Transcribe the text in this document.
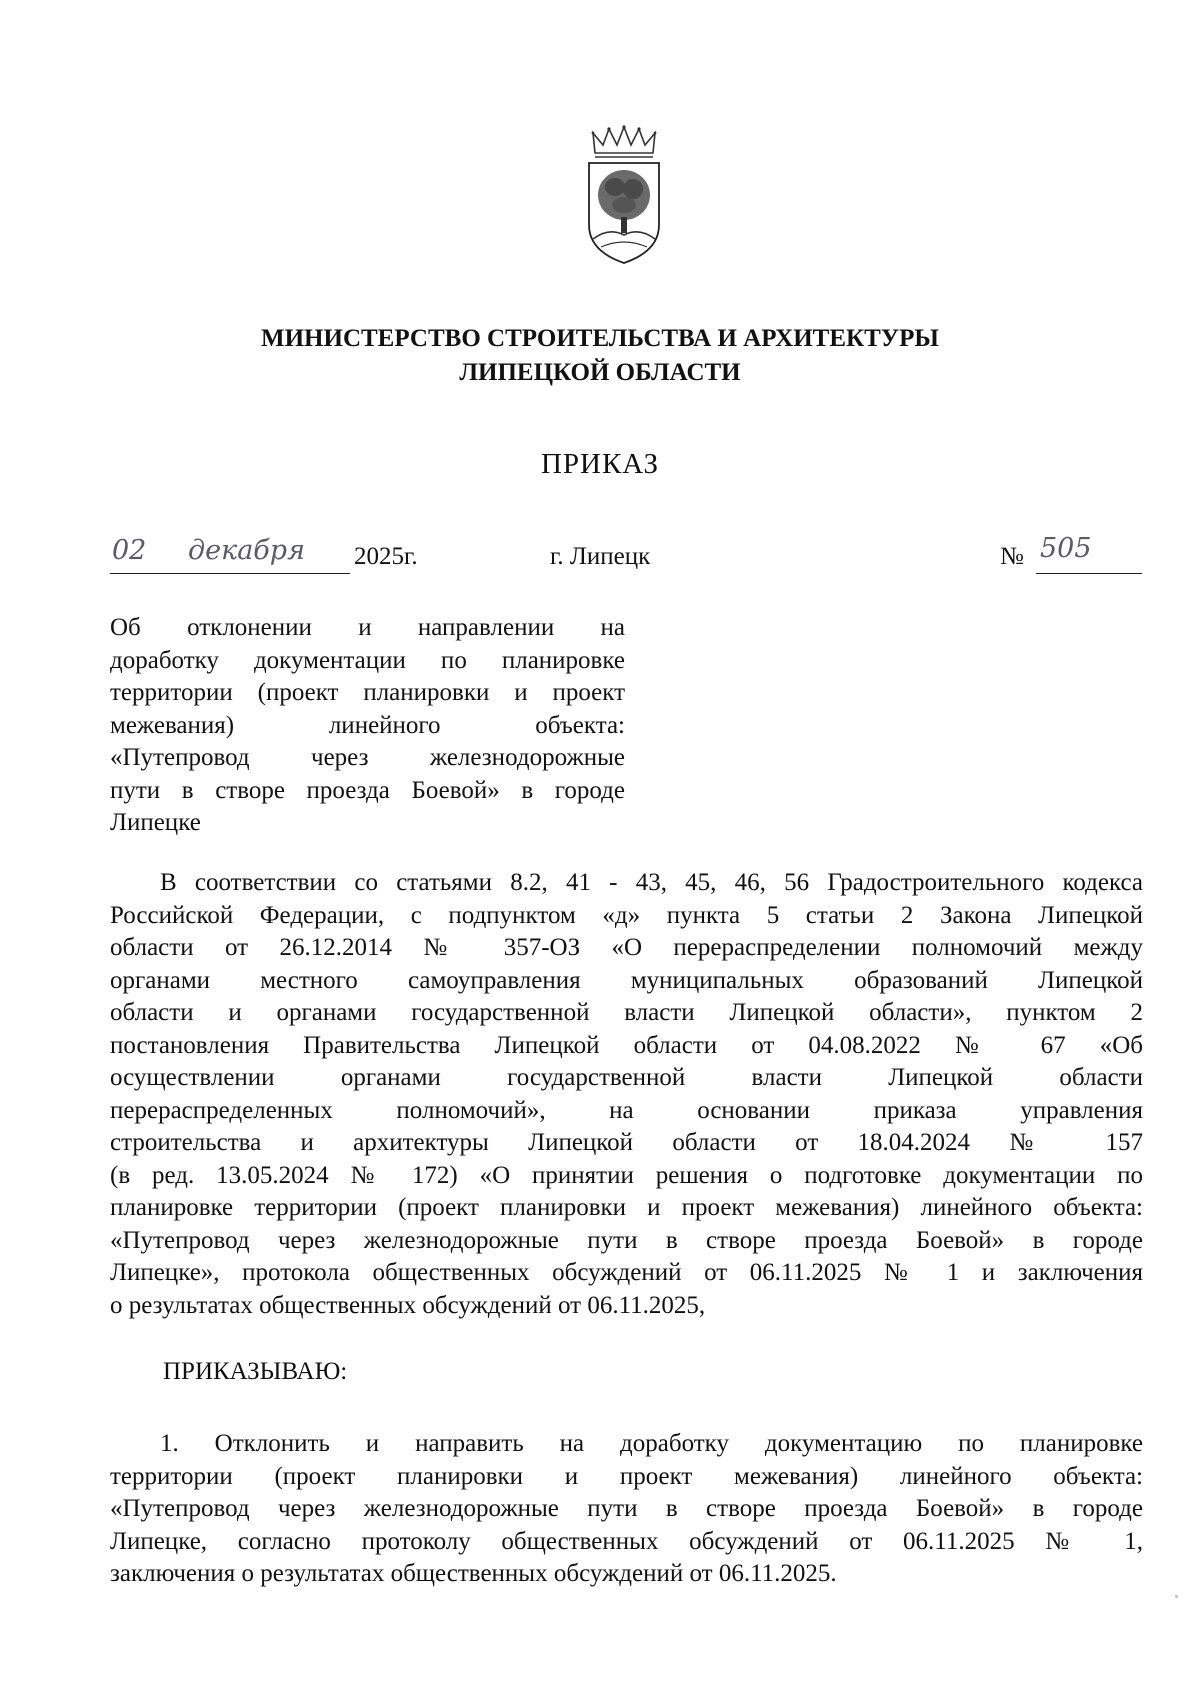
МИНИСТЕРСТВО СТРОИТЕЛЬСТВА И АРХИТЕКТУРЫ
ЛИПЕЦКОЙ ОБЛАСТИ
ПРИКАЗ
02 декабря 2025г.	г. Липецк	№ 505
Об отклонении и направлении на
доработку документации по планировке
территории (проект планировки и проект
межевания) линейного объекта:
«Путепровод через железнодорожные
пути в створе проезда Боевой» в городе
Липецке
В соответствии со статьями 8.2, 41 - 43, 45, 46, 56 Градостроительного кодекса
Российской Федерации, с подпунктом «д» пункта 5 статьи 2 Закона Липецкой
области от 26.12.2014 № 357-ОЗ «О перераспределении полномочий между
органами местного самоуправления муниципальных образований Липецкой
области и органами государственной власти Липецкой области», пунктом 2
постановления Правительства Липецкой области от 04.08.2022 № 67 «Об
осуществлении органами государственной власти Липецкой области
перераспределенных полномочий», на основании приказа управления
строительства и архитектуры Липецкой области от 18.04.2024 № 157
(в ред. 13.05.2024 № 172) «О принятии решения о подготовке документации по
планировке территории (проект планировки и проект межевания) линейного объекта:
«Путепровод через железнодорожные пути в створе проезда Боевой» в городе
Липецке», протокола общественных обсуждений от 06.11.2025 № 1 и заключения
о результатах общественных обсуждений от 06.11.2025,
ПРИКАЗЫВАЮ:
1. Отклонить и направить на доработку документацию по планировке
территории (проект планировки и проект межевания) линейного объекта:
«Путепровод через железнодорожные пути в створе проезда Боевой» в городе
Липецке, согласно протоколу общественных обсуждений от 06.11.2025 № 1,
заключения о результатах общественных обсуждений от 06.11.2025.
